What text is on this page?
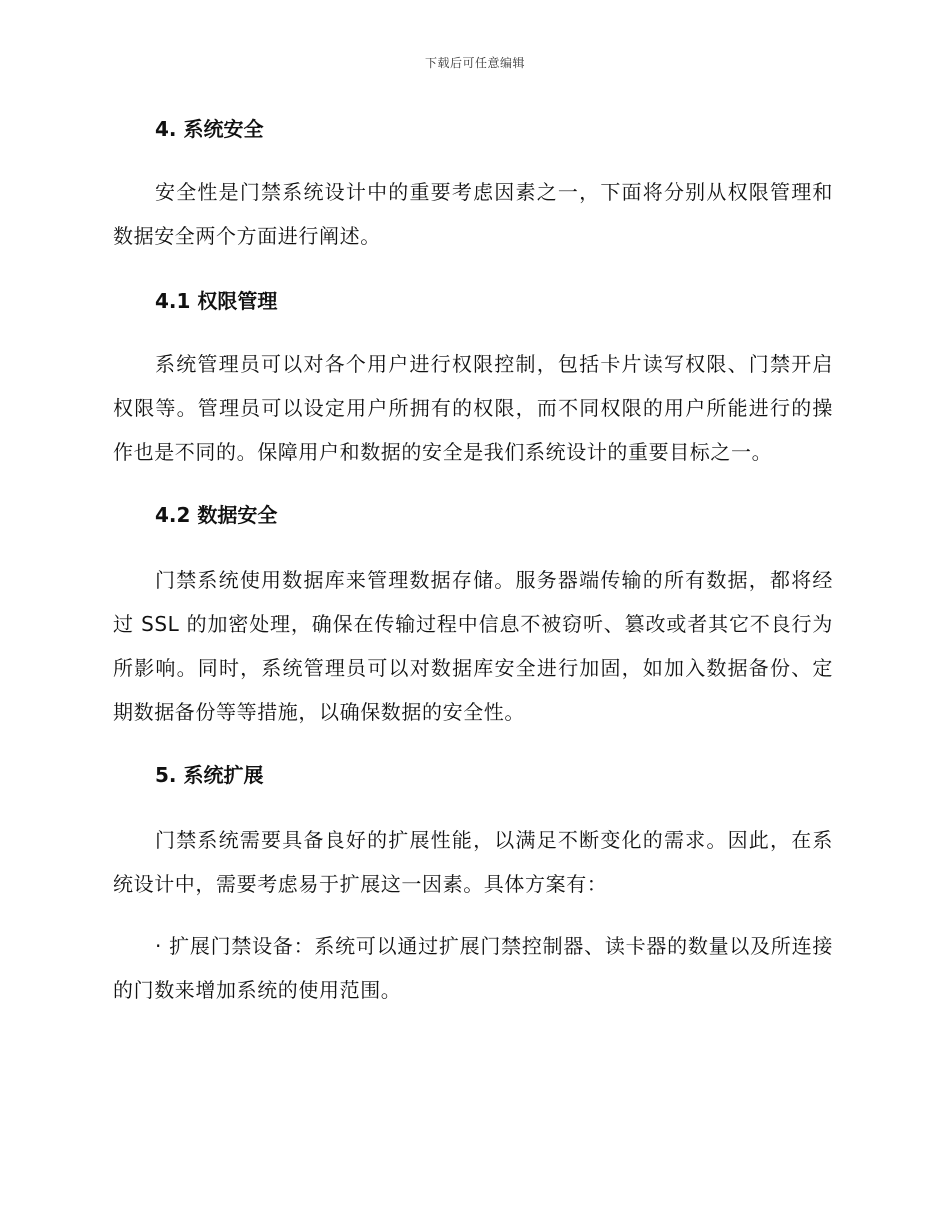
下载后可任意编辑
4. 系统安全

安全性是门禁系统设计中的重要考虑因素之一，下面将分别从权限管理和数据安全两个方面进行阐述。

4.1 权限管理

系统管理员可以对各个用户进行权限控制，包括卡片读写权限、门禁开启权限等。管理员可以设定用户所拥有的权限，而不同权限的用户所能进行的操作也是不同的。保障用户和数据的安全是我们系统设计的重要目标之一。

4.2 数据安全

门禁系统使用数据库来管理数据存储。服务器端传输的所有数据，都将经过 SSL 的加密处理，确保在传输过程中信息不被窃听、篡改或者其它不良行为所影响。同时，系统管理员可以对数据库安全进行加固，如加入数据备份、定期数据备份等等措施，以确保数据的安全性。

5. 系统扩展

门禁系统需要具备良好的扩展性能，以满足不断变化的需求。因此，在系统设计中，需要考虑易于扩展这一因素。具体方案有：

· 扩展门禁设备：系统可以通过扩展门禁控制器、读卡器的数量以及所连接的门数来增加系统的使用范围。
